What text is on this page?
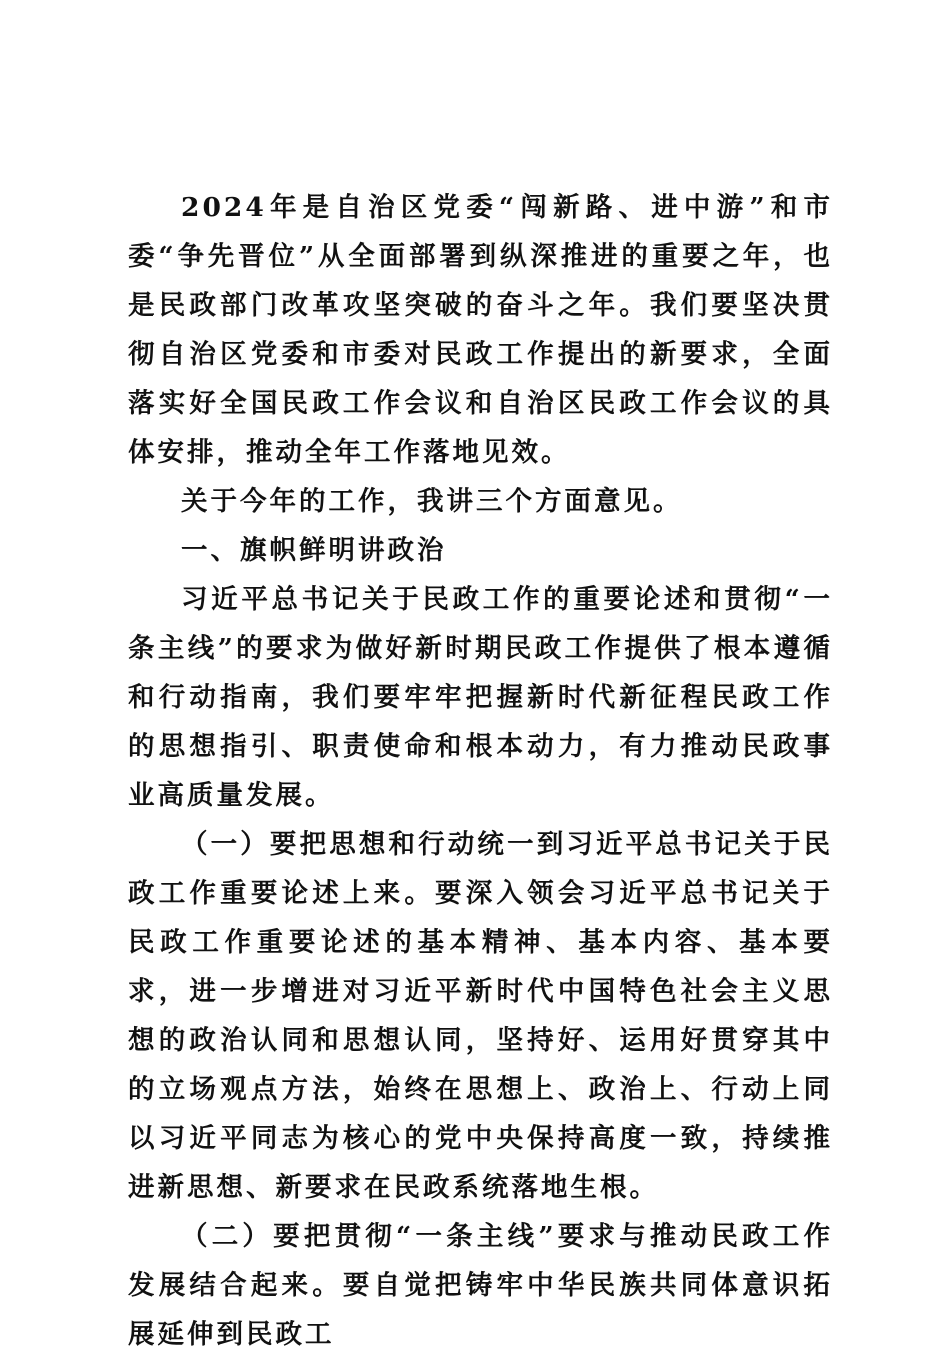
2024年是自治区党委“闯新路、进中游”和市委“争先晋位”从全面部署到纵深推进的重要之年，也是民政部门改革攻坚突破的奋斗之年。我们要坚决贯彻自治区党委和市委对民政工作提出的新要求，全面落实好全国民政工作会议和自治区民政工作会议的具体安排，推动全年工作落地见效。

关于今年的工作，我讲三个方面意见。

一、旗帜鲜明讲政治

习近平总书记关于民政工作的重要论述和贯彻“一条主线”的要求为做好新时期民政工作提供了根本遵循和行动指南，我们要牢牢把握新时代新征程民政工作的思想指引、职责使命和根本动力，有力推动民政事业高质量发展。

（一）要把思想和行动统一到习近平总书记关于民政工作重要论述上来。要深入领会习近平总书记关于民政工作重要论述的基本精神、基本内容、基本要求，进一步增进对习近平新时代中国特色社会主义思想的政治认同和思想认同，坚持好、运用好贯穿其中的立场观点方法，始终在思想上、政治上、行动上同以习近平同志为核心的党中央保持高度一致，持续推进新思想、新要求在民政系统落地生根。

（二）要把贯彻“一条主线”要求与推动民政工作发展结合起来。要自觉把铸牢中华民族共同体意识拓展延伸到民政工
